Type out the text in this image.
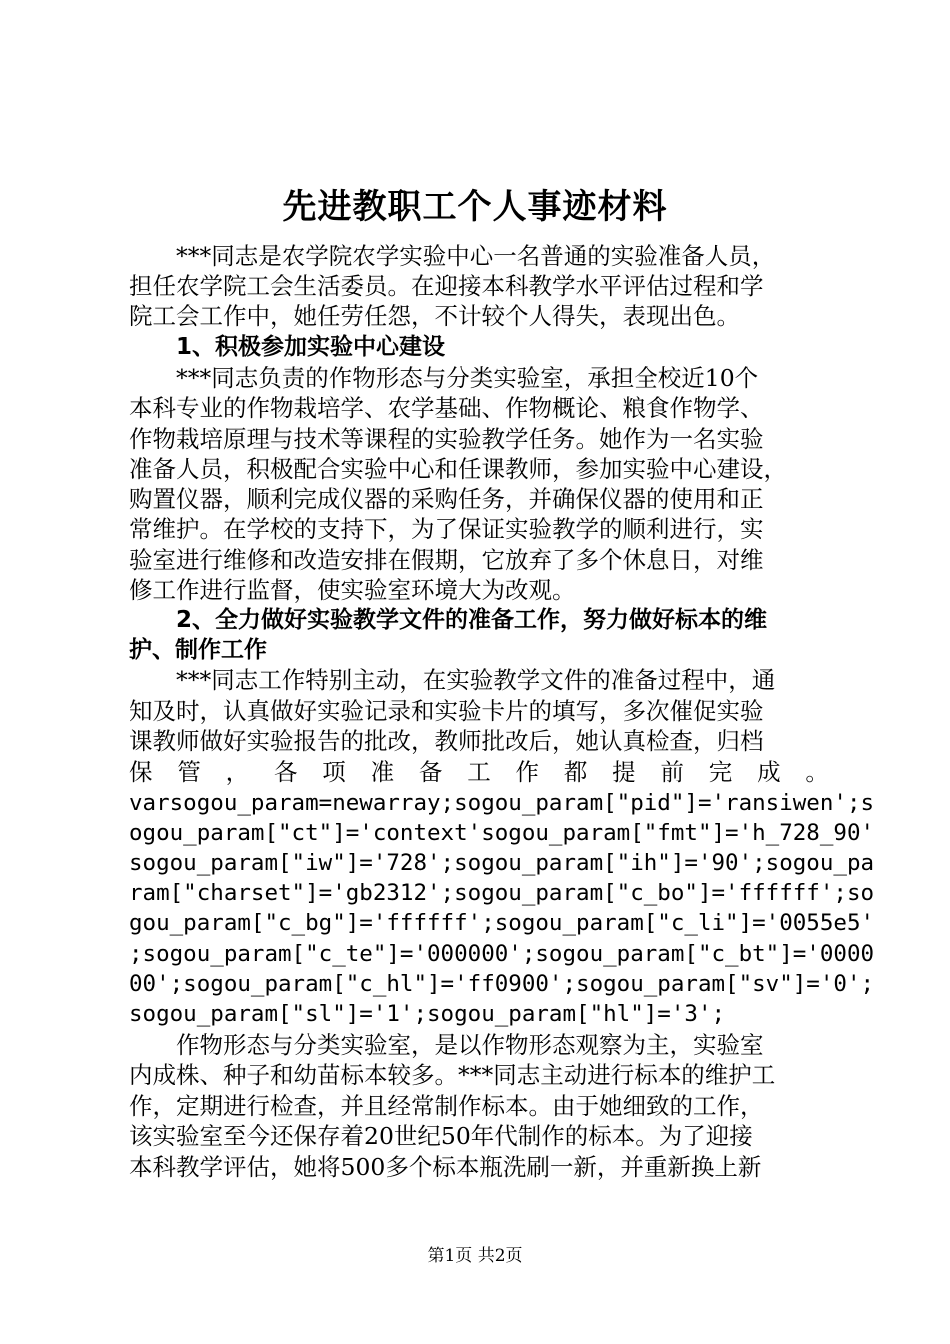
先进教职工个人事迹材料
***同志是农学院农学实验中心一名普通的实验准备人员，
担任农学院工会生活委员。在迎接本科教学水平评估过程和学
院工会工作中，她任劳任怨，不计较个人得失，表现出色。
1、积极参加实验中心建设
***同志负责的作物形态与分类实验室，承担全校近10个
本科专业的作物栽培学、农学基础、作物概论、粮食作物学、
作物栽培原理与技术等课程的实验教学任务。她作为一名实验
准备人员，积极配合实验中心和任课教师，参加实验中心建设，
购置仪器，顺利完成仪器的采购任务，并确保仪器的使用和正
常维护。在学校的支持下，为了保证实验教学的顺利进行，实
验室进行维修和改造安排在假期，它放弃了多个休息日，对维
修工作进行监督，使实验室环境大为改观。
2、全力做好实验教学文件的准备工作，努力做好标本的维
护、制作工作
***同志工作特别主动，在实验教学文件的准备过程中，通
知及时，认真做好实验记录和实验卡片的填写，多次催促实验
课教师做好实验报告的批改，教师批改后，她认真检查，归档
保 管 ， 各 项 准 备 工 作 都 提 前 完 成 。
varsogou_param=newarray;sogou_param["pid"]='ransiwen';s
ogou_param["ct"]='context'sogou_param["fmt"]='h_728_90'
sogou_param["iw"]='728';sogou_param["ih"]='90';sogou_pa
ram["charset"]='gb2312';sogou_param["c_bo"]='ffffff';so
gou_param["c_bg"]='ffffff';sogou_param["c_li"]='0055e5'
;sogou_param["c_te"]='000000';sogou_param["c_bt"]='0000
00';sogou_param["c_hl"]='ff0900';sogou_param["sv"]='0';
sogou_param["sl"]='1';sogou_param["hl"]='3';
作物形态与分类实验室，是以作物形态观察为主，实验室
内成株、种子和幼苗标本较多。***同志主动进行标本的维护工
作，定期进行检查，并且经常制作标本。由于她细致的工作，
该实验室至今还保存着20世纪50年代制作的标本。为了迎接
本科教学评估，她将500多个标本瓶洗刷一新，并重新换上新
第1页 共2页
